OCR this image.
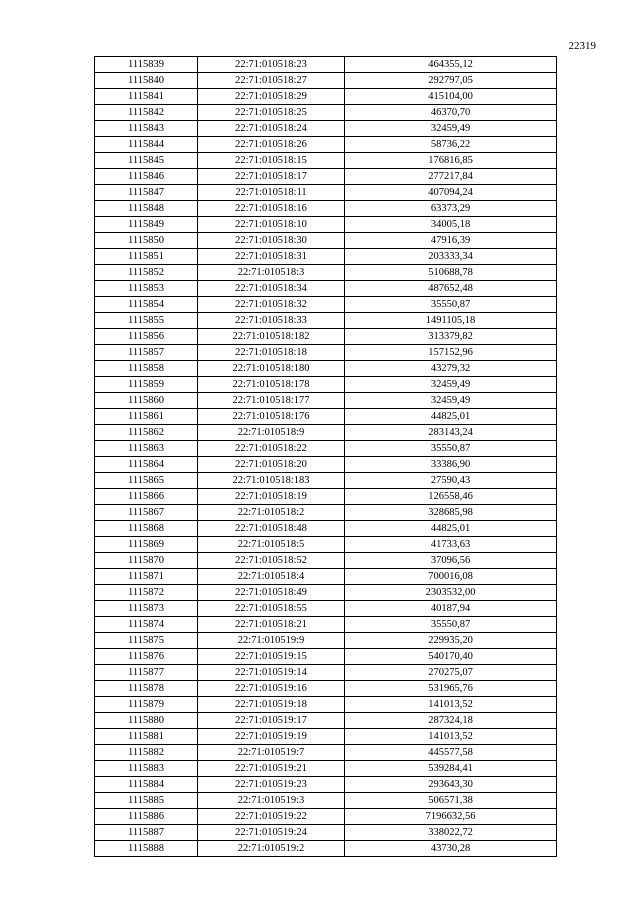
22319
1115839	22:71:010518:23	464355,12
1115840	22:71:010518:27	292797,05
1115841	22:71:010518:29	415104,00
1115842	22:71:010518:25	46370,70
1115843	22:71:010518:24	32459,49
1115844	22:71:010518:26	58736,22
1115845	22:71:010518:15	176816,85
1115846	22:71:010518:17	277217,84
1115847	22:71:010518:11	407094,24
1115848	22:71:010518:16	63373,29
1115849	22:71:010518:10	34005,18
1115850	22:71:010518:30	47916,39
1115851	22:71:010518:31	203333,34
1115852	22:71:010518:3	510688,78
1115853	22:71:010518:34	487652,48
1115854	22:71:010518:32	35550,87
1115855	22:71:010518:33	1491105,18
1115856	22:71:010518:182	313379,82
1115857	22:71:010518:18	157152,96
1115858	22:71:010518:180	43279,32
1115859	22:71:010518:178	32459,49
1115860	22:71:010518:177	32459,49
1115861	22:71:010518:176	44825,01
1115862	22:71:010518:9	283143,24
1115863	22:71:010518:22	35550,87
1115864	22:71:010518:20	33386,90
1115865	22:71:010518:183	27590,43
1115866	22:71:010518:19	126558,46
1115867	22:71:010518:2	328685,98
1115868	22:71:010518:48	44825,01
1115869	22:71:010518:5	41733,63
1115870	22:71:010518:52	37096,56
1115871	22:71:010518:4	700016,08
1115872	22:71:010518:49	2303532,00
1115873	22:71:010518:55	40187,94
1115874	22:71:010518:21	35550,87
1115875	22:71:010519:9	229935,20
1115876	22:71:010519:15	540170,40
1115877	22:71:010519:14	270275,07
1115878	22:71:010519:16	531965,76
1115879	22:71:010519:18	141013,52
1115880	22:71:010519:17	287324,18
1115881	22:71:010519:19	141013,52
1115882	22:71:010519:7	445577,58
1115883	22:71:010519:21	539284,41
1115884	22:71:010519:23	293643,30
1115885	22:71:010519:3	506571,38
1115886	22:71:010519:22	7196632,56
1115887	22:71:010519:24	338022,72
1115888	22:71:010519:2	43730,28
